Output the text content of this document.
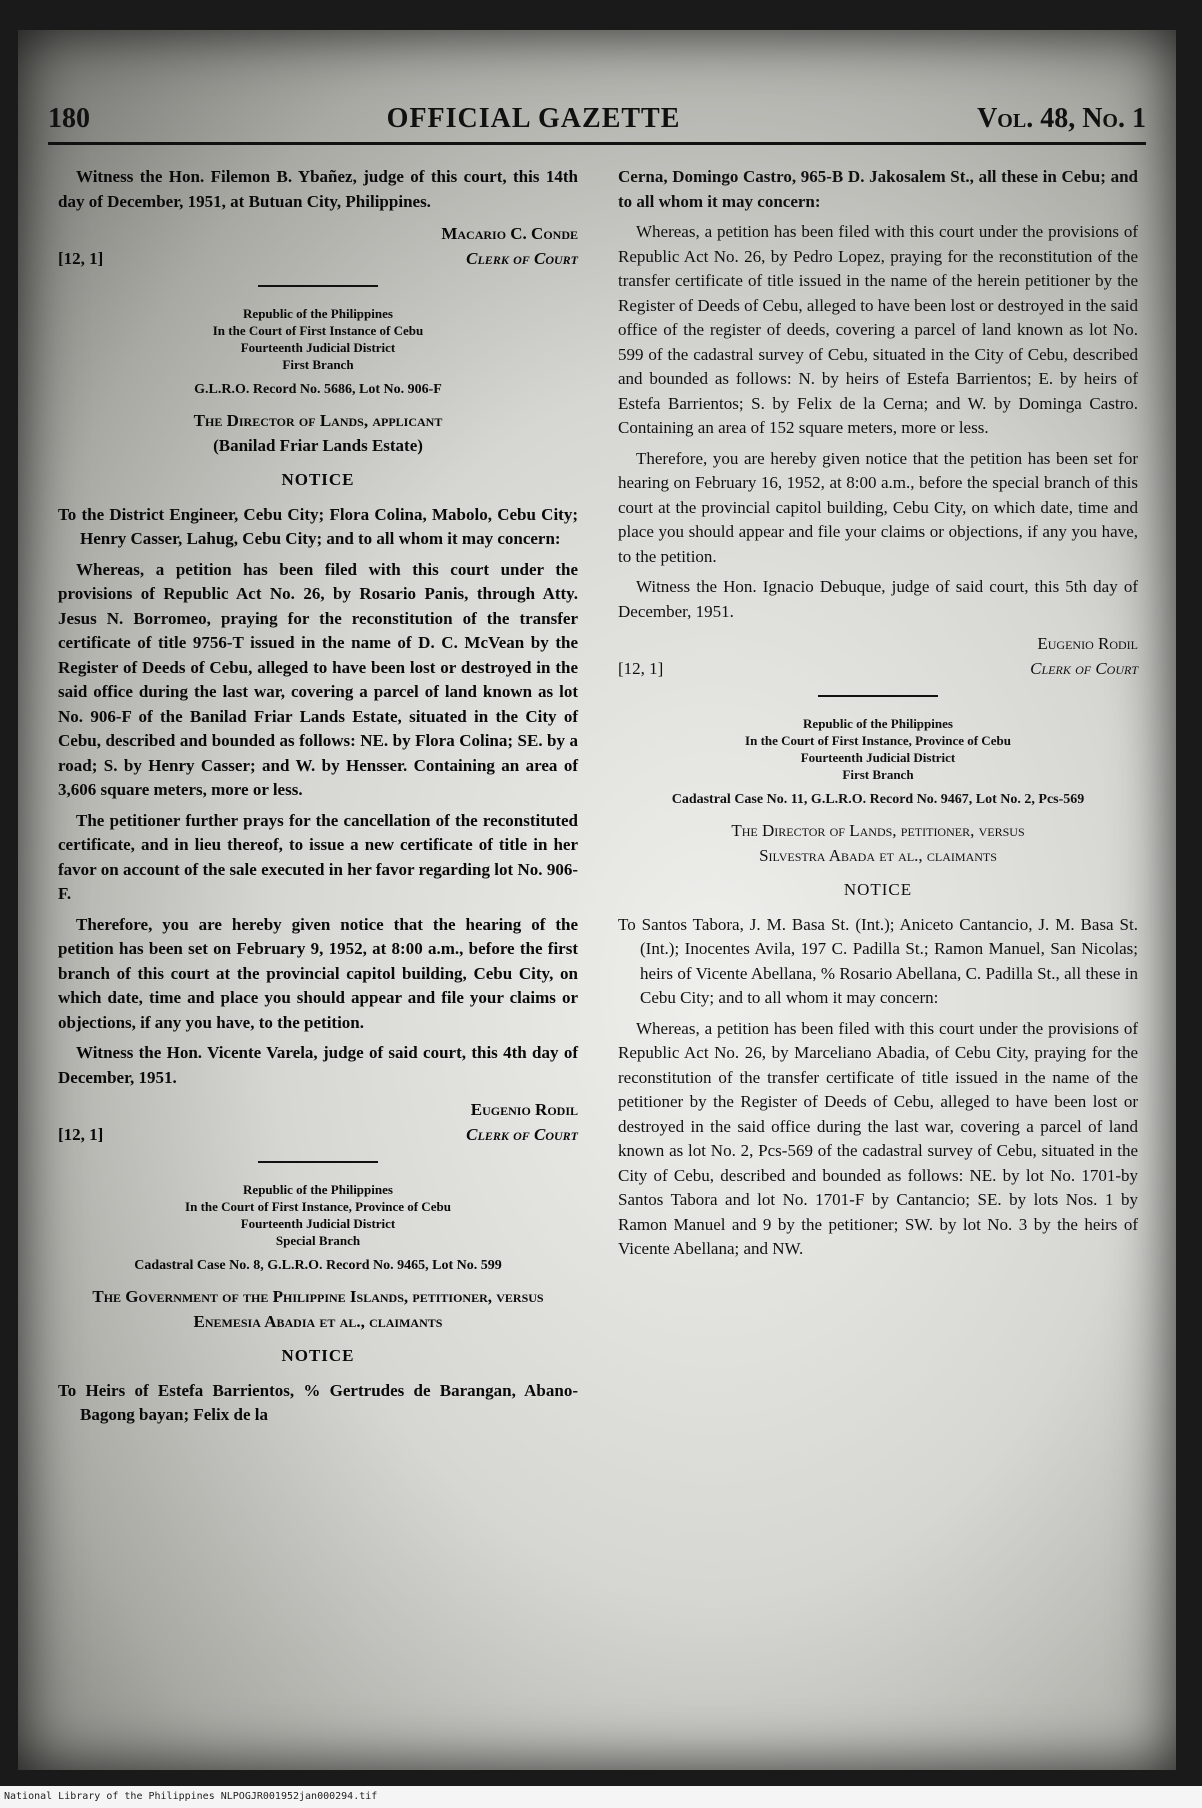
180	OFFICIAL GAZETTE	Vol. 48, No. 1

Witness the Hon. Filemon B. Ybañez, judge of this court, this 14th day of December, 1951, at Butuan City, Philippines.

[12, 1]
Macario C. Conde
Clerk of Court
Republic of the Philippines
In the Court of First Instance of Cebu
Fourteenth Judicial District
First Branch
G.L.R.O. Record No. 5686, Lot No. 906-F
The Director of Lands, applicant
(Banilad Friar Lands Estate)
NOTICE

To the District Engineer, Cebu City; Flora Colina, Mabolo, Cebu City; Henry Casser, Lahug, Cebu City; and to all whom it may concern:

Whereas, a petition has been filed with this court under the provisions of Republic Act No. 26, by Rosario Panis, through Atty. Jesus N. Borromeo, praying for the reconstitution of the transfer certificate of title 9756-T issued in the name of D. C. McVean by the Register of Deeds of Cebu, alleged to have been lost or destroyed in the said office during the last war, covering a parcel of land known as lot No. 906-F of the Banilad Friar Lands Estate, situated in the City of Cebu, described and bounded as follows: NE. by Flora Colina; SE. by a road; S. by Henry Casser; and W. by Hensser. Containing an area of 3,606 square meters, more or less.

The petitioner further prays for the cancellation of the reconstituted certificate, and in lieu thereof, to issue a new certificate of title in her favor on account of the sale executed in her favor regarding lot No. 906-F.

Therefore, you are hereby given notice that the hearing of the petition has been set on February 9, 1952, at 8:00 a.m., before the first branch of this court at the provincial capitol building, Cebu City, on which date, time and place you should appear and file your claims or objections, if any you have, to the petition.

Witness the Hon. Vicente Varela, judge of said court, this 4th day of December, 1951.

[12, 1]
Eugenio Rodil
Clerk of Court
Republic of the Philippines
In the Court of First Instance, Province of Cebu
Fourteenth Judicial District
Special Branch
Cadastral Case No. 8, G.L.R.O. Record No. 9465, Lot No. 599
The Government of the Philippine Islands, petitioner, versus Enemesia Abadia et al., claimants
NOTICE

To Heirs of Estefa Barrientos, % Gertrudes de Barangan, Abano-Bagong bayan; Felix de la

Cerna, Domingo Castro, 965-B D. Jakosalem St., all these in Cebu; and to all whom it may concern:

Whereas, a petition has been filed with this court under the provisions of Republic Act No. 26, by Pedro Lopez, praying for the reconstitution of the transfer certificate of title issued in the name of the herein petitioner by the Register of Deeds of Cebu, alleged to have been lost or destroyed in the said office of the register of deeds, covering a parcel of land known as lot No. 599 of the cadastral survey of Cebu, situated in the City of Cebu, described and bounded as follows: N. by heirs of Estefa Barrientos; E. by heirs of Estefa Barrientos; S. by Felix de la Cerna; and W. by Dominga Castro. Containing an area of 152 square meters, more or less.

Therefore, you are hereby given notice that the petition has been set for hearing on February 16, 1952, at 8:00 a.m., before the special branch of this court at the provincial capitol building, Cebu City, on which date, time and place you should appear and file your claims or objections, if any you have, to the petition.

Witness the Hon. Ignacio Debuque, judge of said court, this 5th day of December, 1951.

[12, 1]
Eugenio Rodil
Clerk of Court
Republic of the Philippines
In the Court of First Instance, Province of Cebu
Fourteenth Judicial District
First Branch
Cadastral Case No. 11, G.L.R.O. Record No. 9467, Lot No. 2, Pcs-569
The Director of Lands, petitioner, versus
Silvestra Abada et al., claimants
NOTICE

To Santos Tabora, J. M. Basa St. (Int.); Aniceto Cantancio, J. M. Basa St. (Int.); Inocentes Avila, 197 C. Padilla St.; Ramon Manuel, San Nicolas; heirs of Vicente Abellana, % Rosario Abellana, C. Padilla St., all these in Cebu City; and to all whom it may concern:

Whereas, a petition has been filed with this court under the provisions of Republic Act No. 26, by Marceliano Abadia, of Cebu City, praying for the reconstitution of the transfer certificate of title issued in the name of the petitioner by the Register of Deeds of Cebu, alleged to have been lost or destroyed in the said office during the last war, covering a parcel of land known as lot No. 2, Pcs-569 of the cadastral survey of Cebu, situated in the City of Cebu, described and bounded as follows: NE. by lot No. 1701-by Santos Tabora and lot No. 1701-F by Cantancio; SE. by lots Nos. 1 by Ramon Manuel and 9 by the petitioner; SW. by lot No. 3 by the heirs of Vicente Abellana; and NW.

National Library of the Philippines NLPOGJR001952jan000294.tif
